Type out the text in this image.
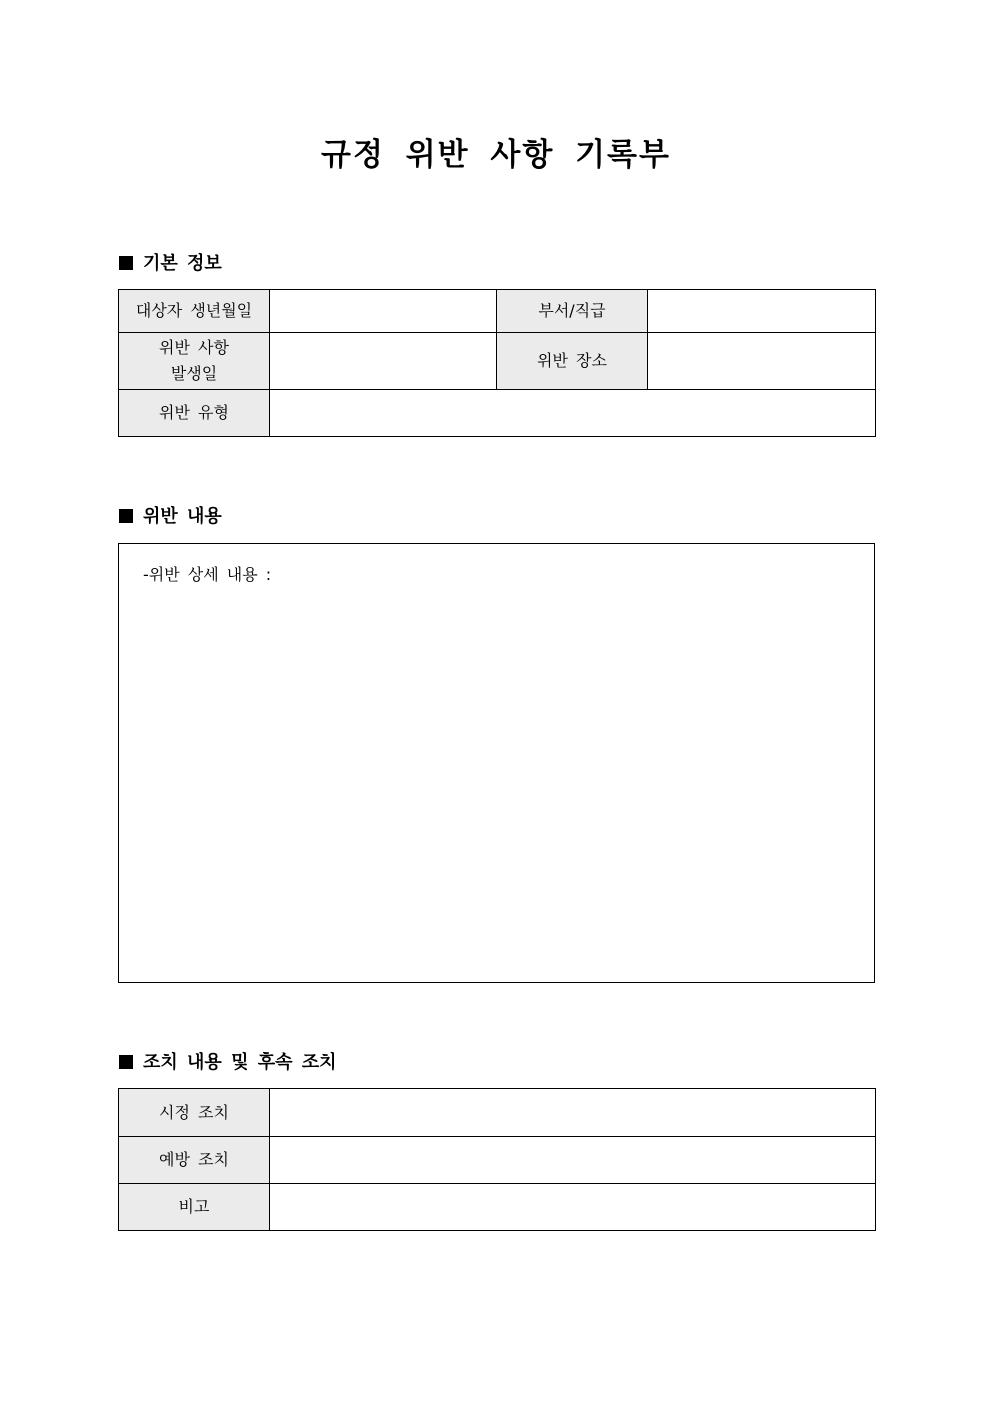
규정 위반 사항 기록부
기본 정보
대상자 생년월일		부서/직급	

위반 사항
발생일		위반 장소	
위반 유형			
위반 내용
-위반 상세 내용 :
조치 내용 및 후속 조치
시정 조치	
예방 조치	
비고	
